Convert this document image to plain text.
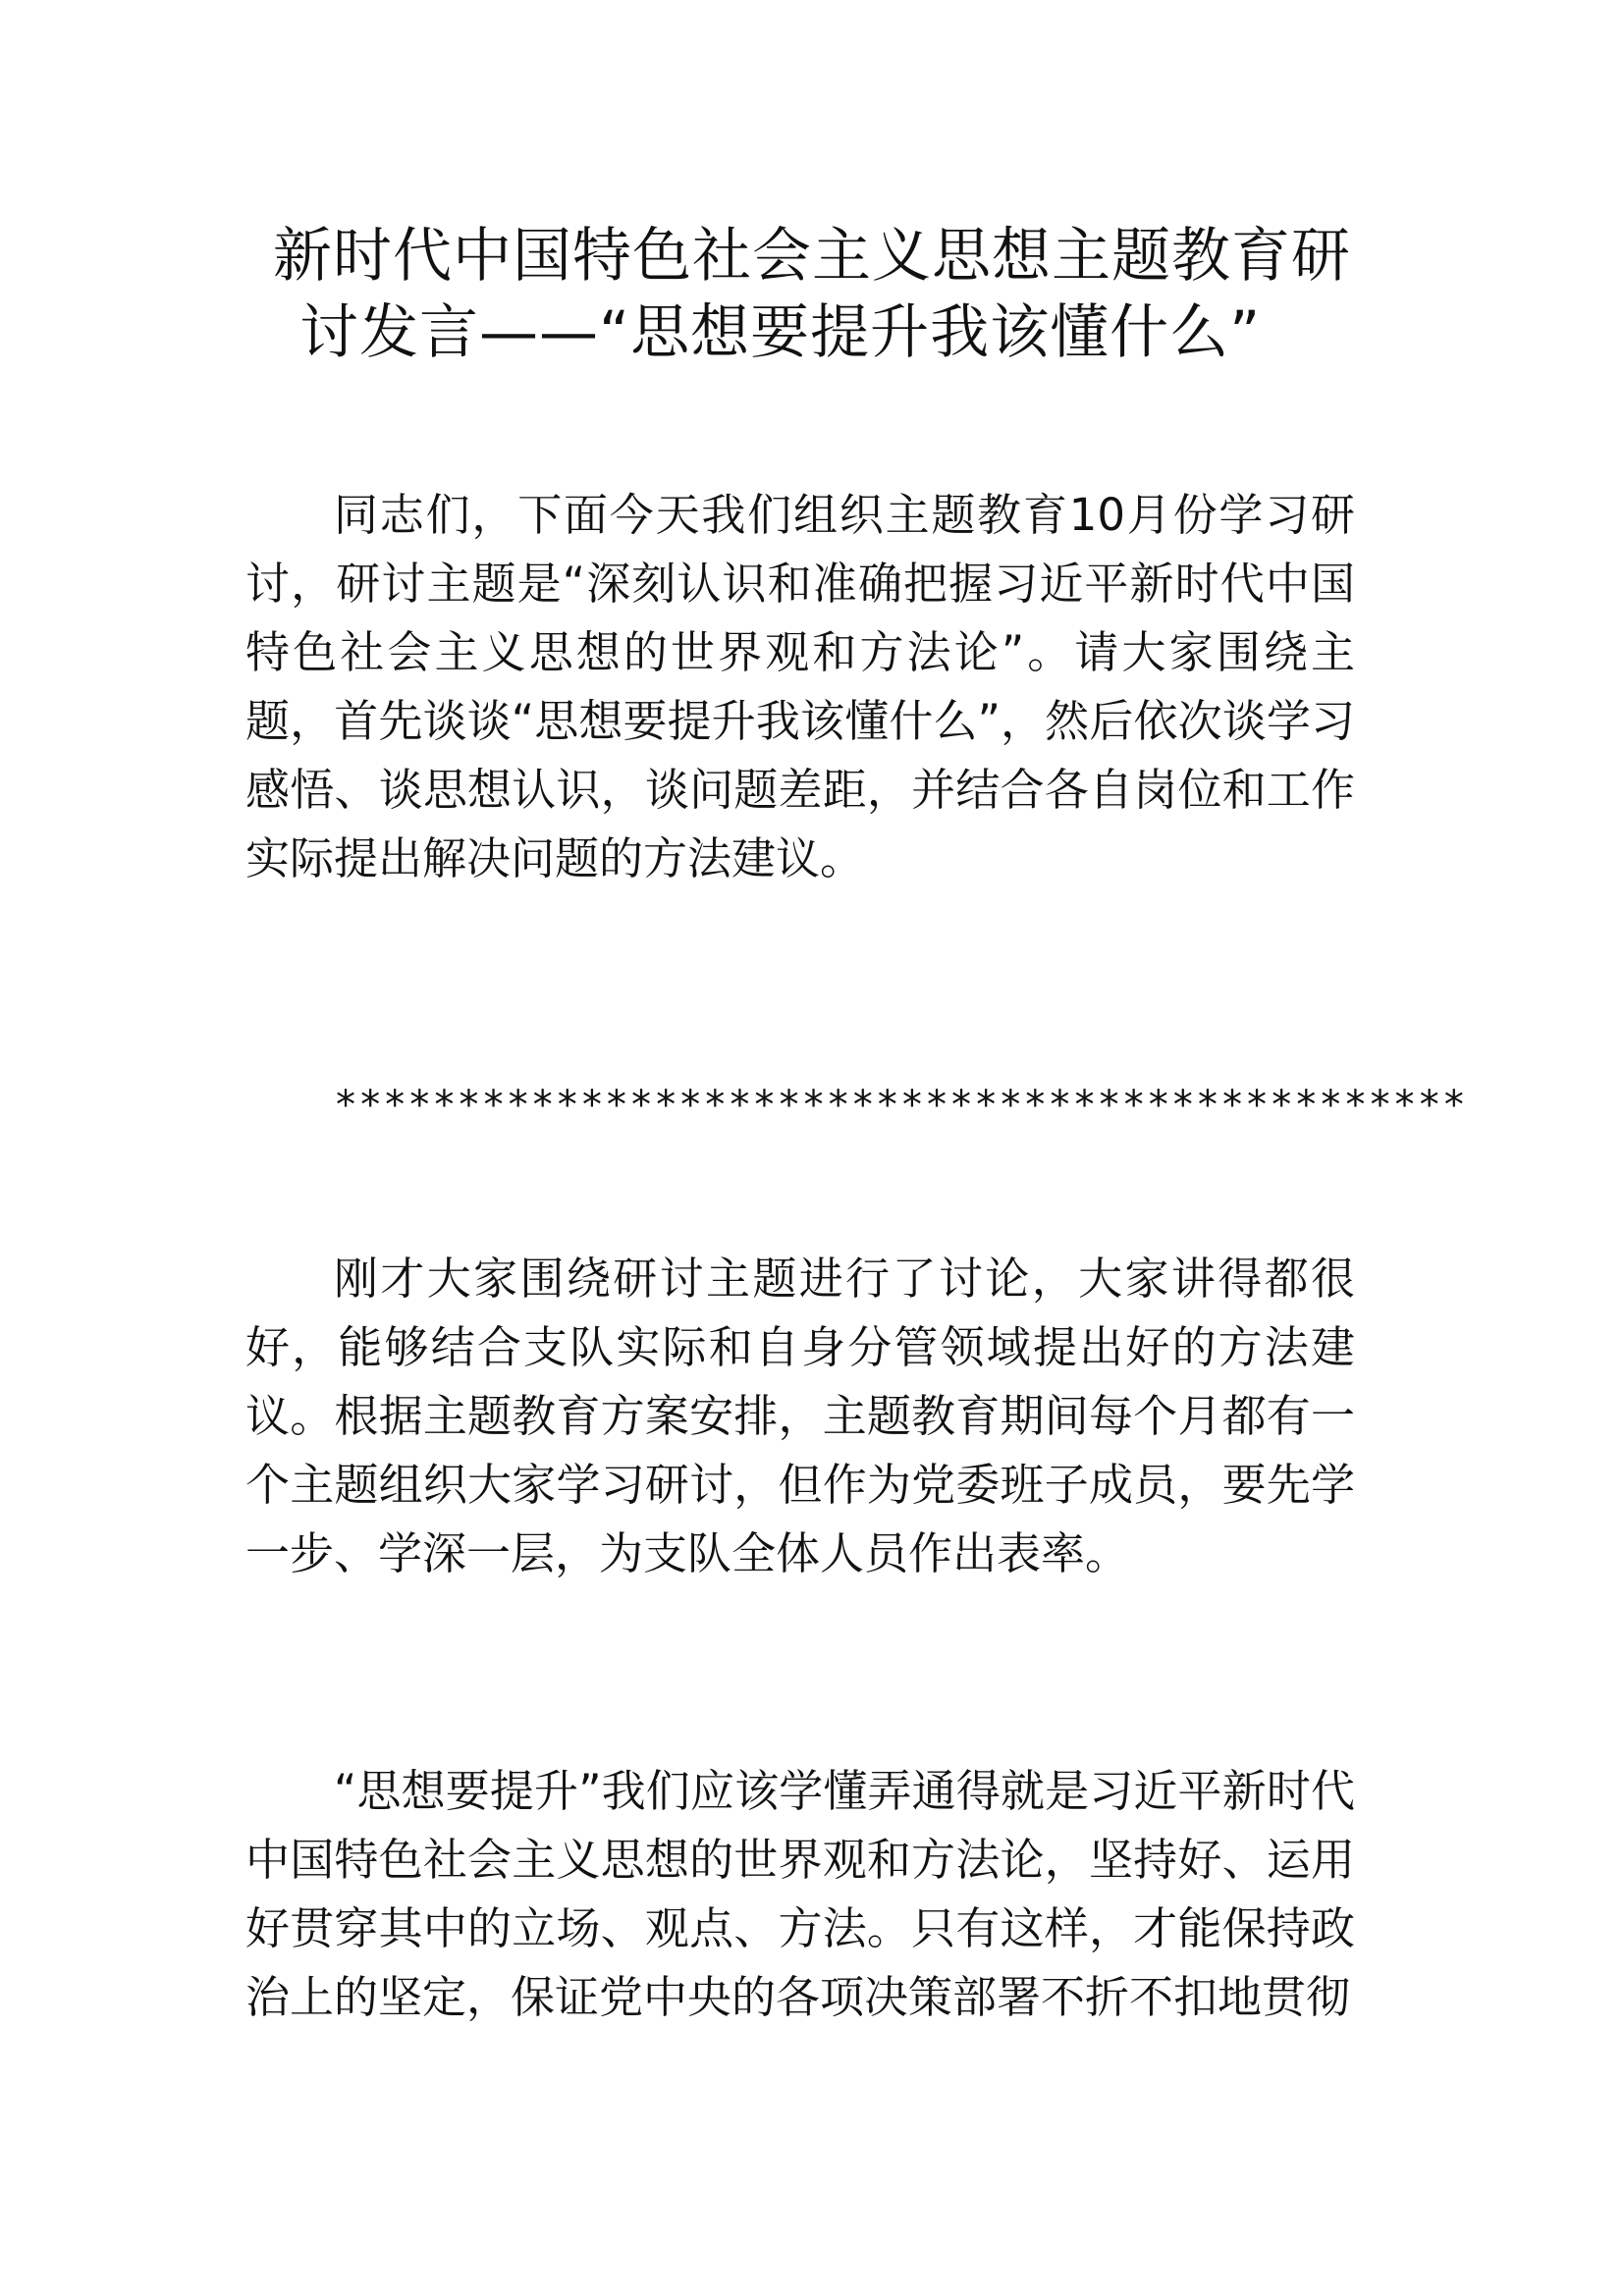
新时代中国特色社会主义思想主题教育研
讨发言——“思想要提升我该懂什么”

同志们，下面今天我们组织主题教育10月份学习研讨，研讨主题是“深刻认识和准确把握习近平新时代中国特色社会主义思想的世界观和方法论”。请大家围绕主题，首先谈谈“思想要提升我该懂什么”，然后依次谈学习感悟、谈思想认识，谈问题差距，并结合各自岗位和工作实际提出解决问题的方法建议。

**********************************************

刚才大家围绕研讨主题进行了讨论，大家讲得都很好，能够结合支队实际和自身分管领域提出好的方法建议。根据主题教育方案安排，主题教育期间每个月都有一个主题组织大家学习研讨，但作为党委班子成员，要先学一步、学深一层，为支队全体人员作出表率。

“思想要提升”我们应该学懂弄通得就是习近平新时代中国特色社会主义思想的世界观和方法论，坚持好、运用好贯穿其中的立场、观点、方法。只有这样，才能保持政治上的坚定，保证党中央的各项决策部署不折不扣地贯彻
